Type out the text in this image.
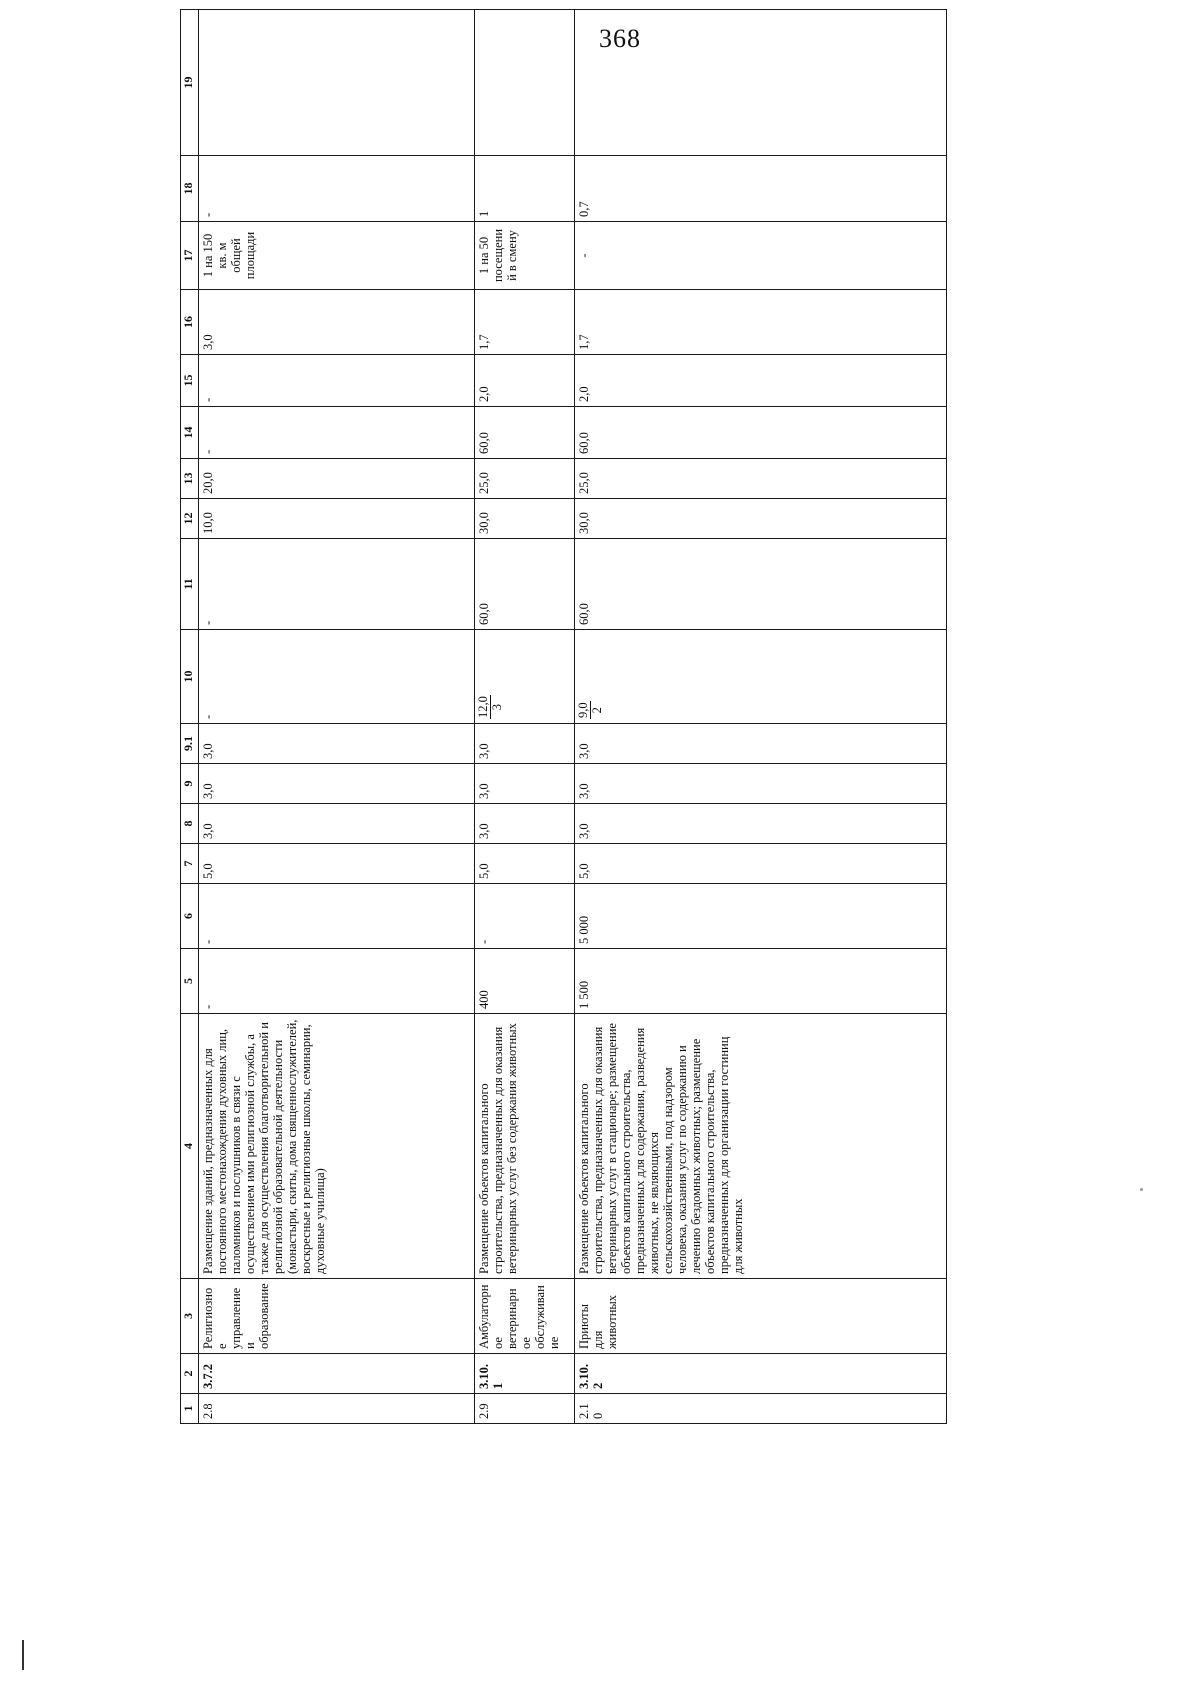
368
1	2	3	4	5	6	7	8	9	9.1	10	11	12	13	14	15	16	17	18	19
2.8	3.7.2	Религиозное управление и образование	Размещение зданий, предназначенных для постоянного местонахождения духовных лиц, паломников и послушников в связи с осуществлением ими религиозной службы, а также для осуществления благотворительной и религиозной образовательной деятельности (монастыри, скиты, дома священнослужителей, воскресные и религиозные школы, семинарии, духовные училища)	-	-	5,0	3,0	3,0	3,0	-	-	10,0	20,0	-	-	3,0	1 на 150 кв. м общей площади	-	
2.9	3.10.1	Амбулаторное ветеринарное обслуживание	Размещение объектов капитального строительства, предназначенных для оказания ветеринарных услуг без содержания животных	400	-	5,0	3,0	3,0	3,0	12,0 3	60,0	30,0	25,0	60,0	2,0	1,7	1 на 50 посещений в смену	1	
2.10	3.10.2	Приюты для животных	Размещение объектов капитального строительства, предназначенных для оказания ветеринарных услуг в стационаре; размещение объектов капитального строительства, предназначенных для содержания, разведения животных, не являющихся сельскохозяйственными, под надзором человека, оказания услуг по содержанию и лечению бездомных животных; размещение объектов капитального строительства, предназначенных для организации гостиниц для животных	1 500	5 000	5,0	3,0	3,0	3,0	9,0 2	60,0	30,0	25,0	60,0	2,0	1,7	-	0,7	
